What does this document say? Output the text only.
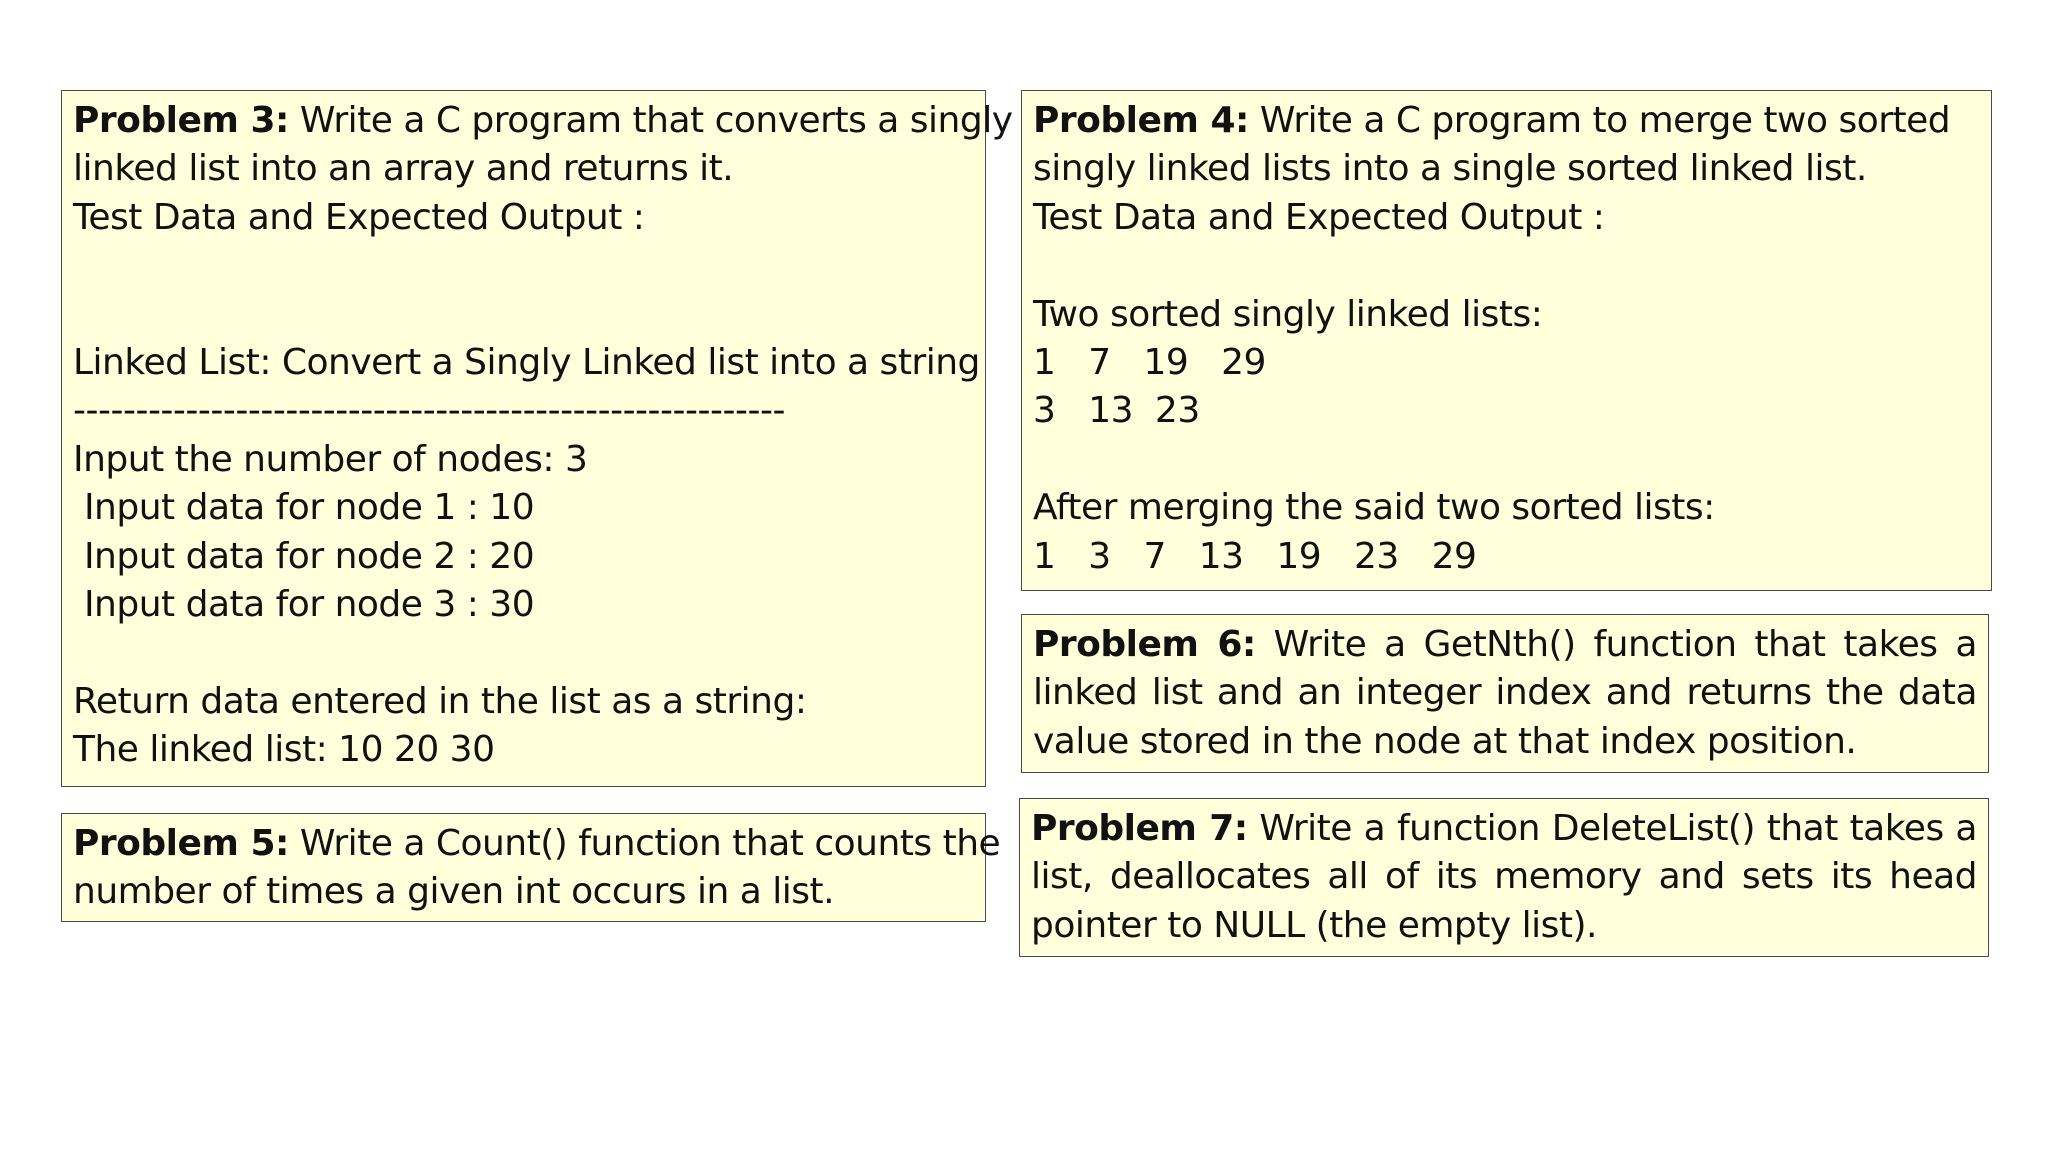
Problem 3: Write a C program that converts a singly

linked list into an array and returns it.

Test Data and Expected Output :

Linked List: Convert a Singly Linked list into a string

---------------------------------------------------------

Input the number of nodes: 3

Input data for node 1 : 10

Input data for node 2 : 20

Input data for node 3 : 30

Return data entered in the list as a string:

The linked list: 10 20 30

Problem 4: Write a C program to merge two sorted

singly linked lists into a single sorted linked list.

Test Data and Expected Output :

Two sorted singly linked lists:

1   7   19   29

3   13  23

After merging the said two sorted lists:

1   3   7   13   19   23   29

Problem 5: Write a Count() function that counts the

number of times a given int occurs in a list.

Problem 6: Write a GetNth() function that takes a linked list and an integer index and returns the data value stored in the node at that index position.

Problem 7: Write a function DeleteList() that takes a list, deallocates all of its memory and sets its head pointer to NULL (the empty list).
